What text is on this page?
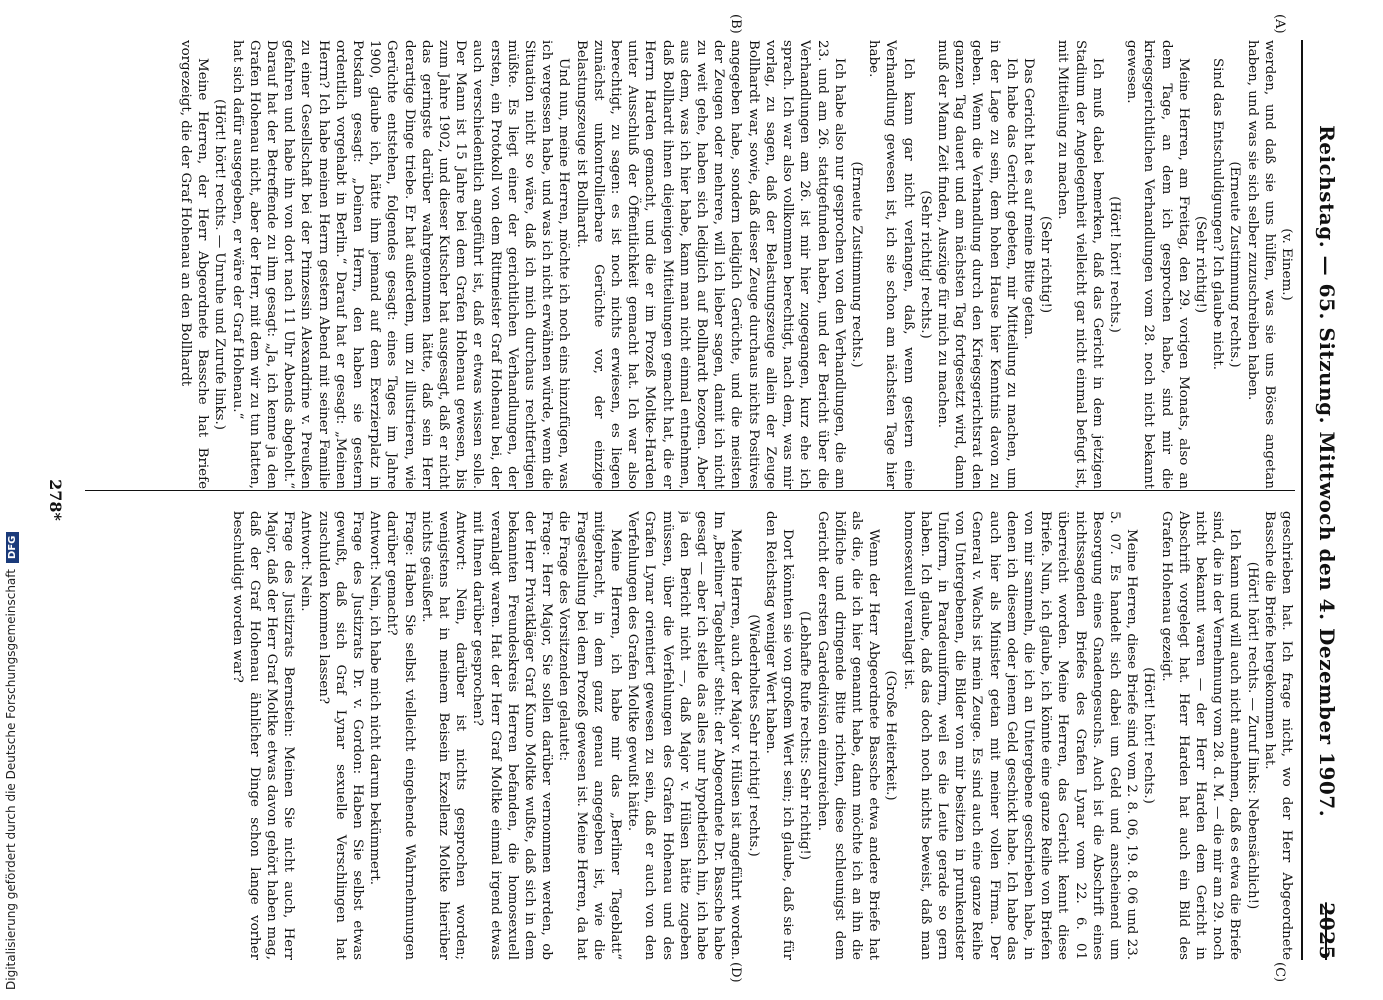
Reichstag. — 65. Sitzung. Mittwoch den 4. Dezember 1907.
2025

(v. Einem.)

werden, und daß sie uns hülfen, was sie uns Böses angetan haben, und was sie sich selber zuzuschreiben haben.

(Erneute Zustimmung rechts.)

Sind das Entschuldigungen? Ich glaube nicht.

(Sehr richtig!)

Meine Herren, am Freitag, den 29. vorigen Monats, also an dem Tage, an dem ich gesprochen habe, sind mir die kriegsgerichtlichen Verhandlungen vom 28. noch nicht bekannt gewesen.

(Hört! hört! rechts.)

Ich muß dabei bemerken, daß das Gericht in dem jetzigen Stadium der Angelegenheit vielleicht gar nicht einmal befugt ist, mit Mitteilung zu machen.

(Sehr richtig!)

Das Gericht hat es auf meine Bitte getan.

Ich habe das Gericht gebeten, mir Mitteilung zu machen, um in der Lage zu sein, dem hohen Hause hier Kenntnis davon zu geben. Wenn die Verhandlung durch den Kriegsgerichtsrat den ganzen Tag dauert und am nächsten Tag fortgesetzt wird, dann muß der Mann Zeit finden, Auszüge für mich zu machen.

(Sehr richtig! rechts.)

Ich kann gar nicht verlangen, daß, wenn gestern eine Verhandlung gewesen ist, ich sie schon am nächsten Tage hier habe.

(Erneute Zustimmung rechts.)

Ich habe also nur gesprochen von den Verhandlungen, die am 23. und am 26. stattgefunden haben, und der Bericht über die Verhandlungen am 26. ist mir hier zugegangen, kurz ehe ich sprach. Ich war also vollkommen berechtigt, nach dem, was mir vorlag, zu sagen, daß der Belastungszeuge allein der Zeuge Bollhardt war, sowie, daß dieser Zeuge durchaus nichts Positives angegeben habe, sondern lediglich Gerüchte, und die meisten der Zeugen oder mehrere, will ich lieber sagen, damit ich nicht zu weit gehe, haben sich lediglich auf Bollhardt bezogen. Aber aus dem, was ich hier habe, kann man nicht einmal entnehmen, daß Bollhardt ihnen diejenigen Mitteilungen gemacht hat, die er Herrn Harden gemacht, und die er im Prozeß Moltke-Harden unter Ausschluß der Öffentlichkeit gemacht hat. Ich war also berechtigt, zu sagen: es ist noch nichts erwiesen, es liegen zunächst unkontrollierbare Gerüchte vor, der einzige Belastungszeuge ist Bollhardt.

Und nun, meine Herren, möchte ich noch eins hinzufügen, was ich vergessen habe, und was ich nicht erwähnen würde, wenn die Situation nicht so wäre, daß ich mich durchaus rechtfertigen müßte. Es liegt einer der gerichtlichen Verhandlungen, der ersten, ein Protokoll von dem Rittmeister Graf Hohenau bei, der auch verschiedentlich angeführt ist, daß er etwas wissen solle. Der Mann ist 15 Jahre bei dem Grafen Hohenau gewesen, bis zum Jahre 1902, und dieser Kutscher hat ausgesagt, daß er nicht das geringste darüber wahrgenommen hätte, daß sein Herr derartige Dinge triebe. Er hat außerdem, um zu illustrieren, wie Gerüchte entstehen, folgendes gesagt: eines Tages im Jahre 1900, glaube ich, hätte ihm jemand auf dem Exerzierplatz in Potsdam gesagt: „Deinen Herrn, den haben sie gestern ordentlich vorgehabt in Berlin.“ Darauf hat er gesagt: „Meinen Herrn? Ich habe meinen Herrn gestern Abend mit seiner Familie zu einer Gesellschaft bei der Prinzessin Alexandrine v. Preußen gefahren und habe ihn von dort nach 11 Uhr Abends abgeholt.“ Darauf hat der Betreffende zu ihm gesagt: „Ja, ich kenne ja den Grafen Hohenau nicht, aber der Herr, mit dem wir zu tun hatten, hat sich dafür ausgegeben, er wäre der Graf Hohenau.“

(Hört! hört! rechts. — Unruhe und Zurufe links.)

Meine Herren, der Herr Abgeordnete Bassche hat Briefe vorgezeigt, die der Graf Hohenau an den Bollhardt

geschrieben hat. Ich frage nicht, wo der Herr Abgeordnete Bassche die Briefe hergekommen hat.

(Hört! hört! rechts. — Zuruf links: Nebensächlich!)

Ich kann und will auch nicht annehmen, daß es etwa die Briefe sind, die in der Vernehmung vom 28. d. M. — die mir am 29. noch nicht bekannt waren — der Herr Harden dem Gericht in Abschrift vorgelegt hat. Herr Harden hat auch ein Bild des Grafen Hohenau gezeigt.

(Hört! hört! rechts.)

Meine Herren, diese Briefe sind vom 2. 8. 06, 19. 8. 06 und 23. 5. 07. Es handelt sich dabei um Geld und anscheinend um Besorgung eines Gnadengesuchs. Auch ist die Abschrift eines nichtssagenden Briefes des Grafen Lynar vom 22. 6. 01 überreicht worden. Meine Herren, das Gericht kennt diese Briefe. Nun, ich glaube, ich könnte eine ganze Reihe von Briefen von mir sammeln, die ich an Untergebene geschrieben habe, in denen ich diesem oder jenem Geld geschickt habe. Ich habe das auch hier als Minister getan mit meiner vollen Firma. Der General v. Wachs ist mein Zeuge. Es sind auch eine ganze Reihe von Untergebenen, die Bilder von mir besitzen in prunkendster Uniform, in Paradeuniform, weil es die Leute gerade so gern haben. Ich glaube, daß das doch noch nichts beweist, daß man homosexuell veranlagt ist.

(Große Heiterkeit.)

Wenn der Herr Abgeordnete Bassche etwa andere Briefe hat als die, die ich hier genannt habe, dann möchte ich an ihn die höfliche und dringende Bitte richten, diese schleunigst dem Gericht der ersten Gardedivision einzureichen.

(Lebhafte Rufe rechts: Sehr richtig!)

Dort könnten sie von großem Wert sein; ich glaube, daß sie für den Reichstag weniger Wert haben.

(Wiederholtes Sehr richtig! rechts.)

Meine Herren, auch der Major v. Hülsen ist angeführt worden. Im „Berliner Tageblatt“ steht: der Abgeordnete Dr. Bassche habe gesagt — aber ich stelle das alles nur hypothetisch hin, ich habe ja den Bericht nicht —, daß Major v. Hülsen hätte zugeben müssen, über die Verfehlungen des Grafen Hohenau und des Grafen Lynar orientiert gewesen zu sein, daß er auch von den Verfehlungen des Grafen Moltke gewußt hätte.

Meine Herren, ich habe mir das „Berliner Tageblatt“ mitgebracht, in dem ganz genau angegeben ist, wie die Fragestellung bei dem Prozeß gewesen ist. Meine Herren, da hat die Frage des Vorsitzenden gelautet:

Frage: Herr Major, Sie sollen darüber vernommen werden, ob der Herr Privatkläger Graf Kuno Moltke wußte, daß sich in dem bekannten Freundeskreis Herren befanden, die homosexuell veranlagt waren. Hat der Herr Graf Moltke einmal irgend etwas mit Ihnen darüber gesprochen?

Antwort: Nein, darüber ist nichts gesprochen worden; wenigstens hat in meinem Beisein Exzellenz Moltke hierüber nichts geäußert.

Frage: Haben Sie selbst vielleicht eingehende Wahrnehmungen darüber gemacht?

Antwort: Nein, ich habe mich nicht darum bekümmert.

Frage des Justizrats Dr. v. Gordon: Haben Sie selbst etwas gewußt, daß sich Graf Lynar sexuelle Verschlingen hat zuschulden kommen lassen?

Antwort: Nein.

Frage des Justizrats Bernstein: Meinen Sie nicht auch, Herr Major, daß der Herr Graf Moltke etwas davon gehört haben mag, daß der Graf Hohenau ähnlicher Dinge schon lange vorher beschuldigt worden war?

(A)
(B)
(C)
(D)
278*
Digitalisierung gefördert durch die Deutsche ForschungsgemeinschaftDFG
